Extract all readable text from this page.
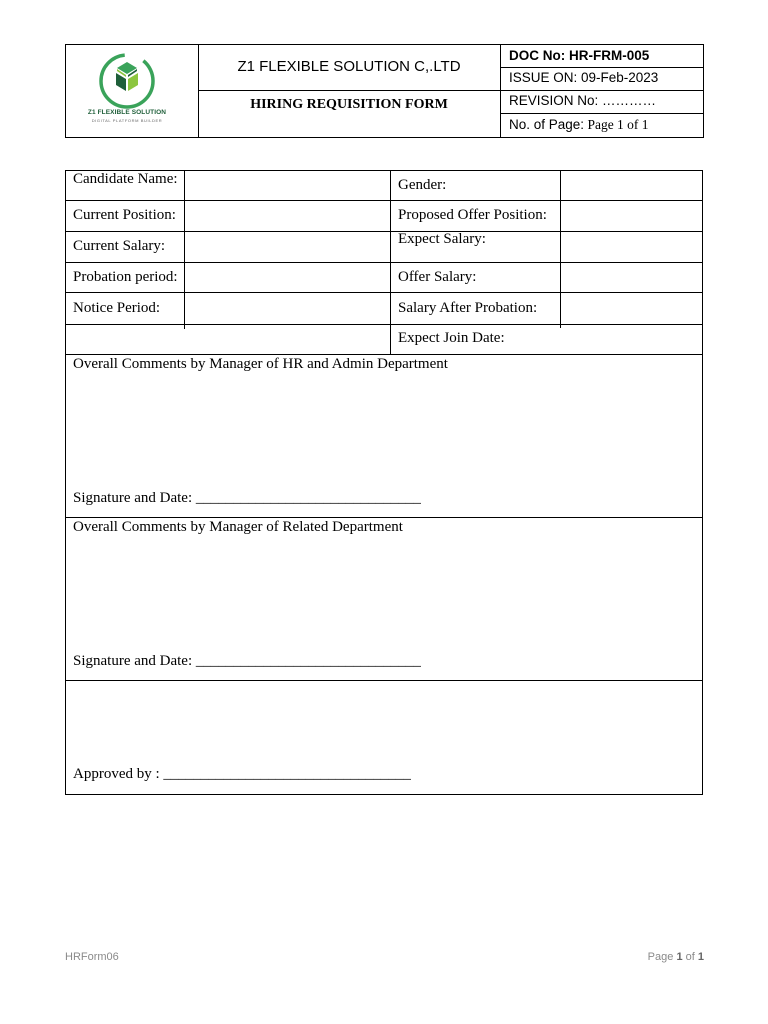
Z1 FLEXIBLE SOLUTION
DIGITAL PLATFORM BUILDER
Z1 FLEXIBLE SOLUTION C,.LTD
HIRING REQUISITION FORM
DOC No: HR-FRM-005
ISSUE ON: 09-Feb-2023
REVISION No: …………
No. of Page: Page 1 of 1
Candidate Name:
Current Position:
Current Salary:
Probation period:
Notice Period:
Gender:
Proposed Offer Position:
Expect Salary:
Offer Salary:
Salary After Probation:
Expect Join Date:
Overall Comments by Manager of HR and Admin Department
Signature and Date: ______________________________
Overall Comments by Manager of Related Department
Signature and Date: ______________________________
Approved by : _________________________________
HRForm06	Page 1 of 1
